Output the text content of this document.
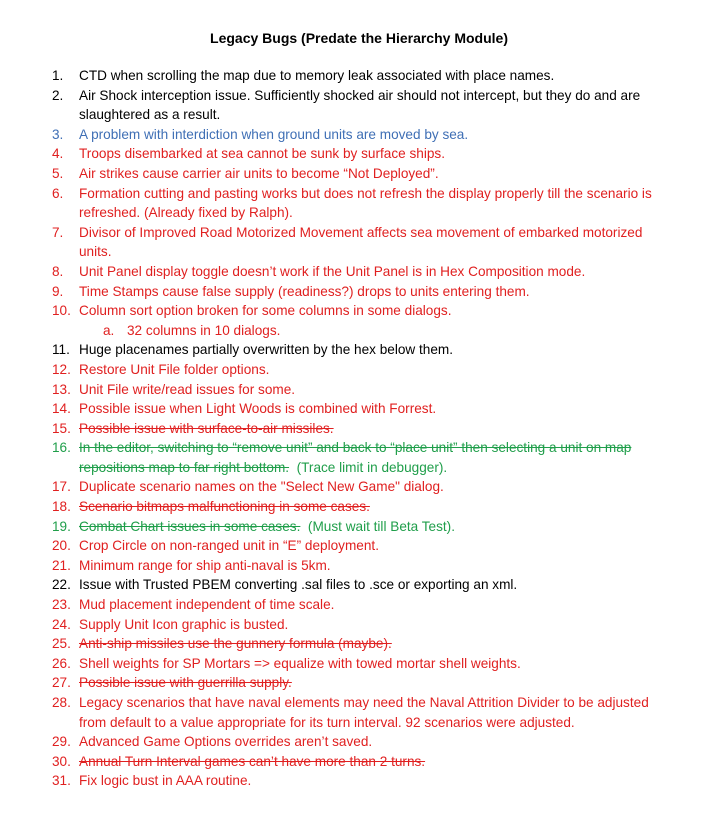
Legacy Bugs (Predate the Hierarchy Module)
1. CTD when scrolling the map due to memory leak associated with place names.
2. Air Shock interception issue. Sufficiently shocked air should not intercept, but they do and are slaughtered as a result.
3. A problem with interdiction when ground units are moved by sea.
4. Troops disembarked at sea cannot be sunk by surface ships.
5. Air strikes cause carrier air units to become “Not Deployed”.
6. Formation cutting and pasting works but does not refresh the display properly till the scenario is refreshed. (Already fixed by Ralph).
7. Divisor of Improved Road Motorized Movement affects sea movement of embarked motorized units.
8. Unit Panel display toggle doesn’t work if the Unit Panel is in Hex Composition mode.
9. Time Stamps cause false supply (readiness?) drops to units entering them.
10. Column sort option broken for some columns in some dialogs.
a. 32 columns in 10 dialogs.
11. Huge placenames partially overwritten by the hex below them.
12. Restore Unit File folder options.
13. Unit File write/read issues for some.
14. Possible issue when Light Woods is combined with Forrest.
15. Possible issue with surface-to-air missiles.
16. In the editor, switching to “remove unit” and back to “place unit” then selecting a unit on map repositions map to far right bottom.  (Trace limit in debugger).
17. Duplicate scenario names on the "Select New Game" dialog.
18. Scenario bitmaps malfunctioning in some cases.
19. Combat Chart issues in some cases.  (Must wait till Beta Test).
20. Crop Circle on non-ranged unit in “E” deployment.
21. Minimum range for ship anti-naval is 5km.
22. Issue with Trusted PBEM converting .sal files to .sce or exporting an xml.
23. Mud placement independent of time scale.
24. Supply Unit Icon graphic is busted.
25. Anti-ship missiles use the gunnery formula (maybe).
26. Shell weights for SP Mortars => equalize with towed mortar shell weights.
27. Possible issue with guerrilla supply.
28. Legacy scenarios that have naval elements may need the Naval Attrition Divider to be adjusted from default to a value appropriate for its turn interval. 92 scenarios were adjusted.
29. Advanced Game Options overrides aren’t saved.
30. Annual Turn Interval games can’t have more than 2 turns.
31. Fix logic bust in AAA routine.
